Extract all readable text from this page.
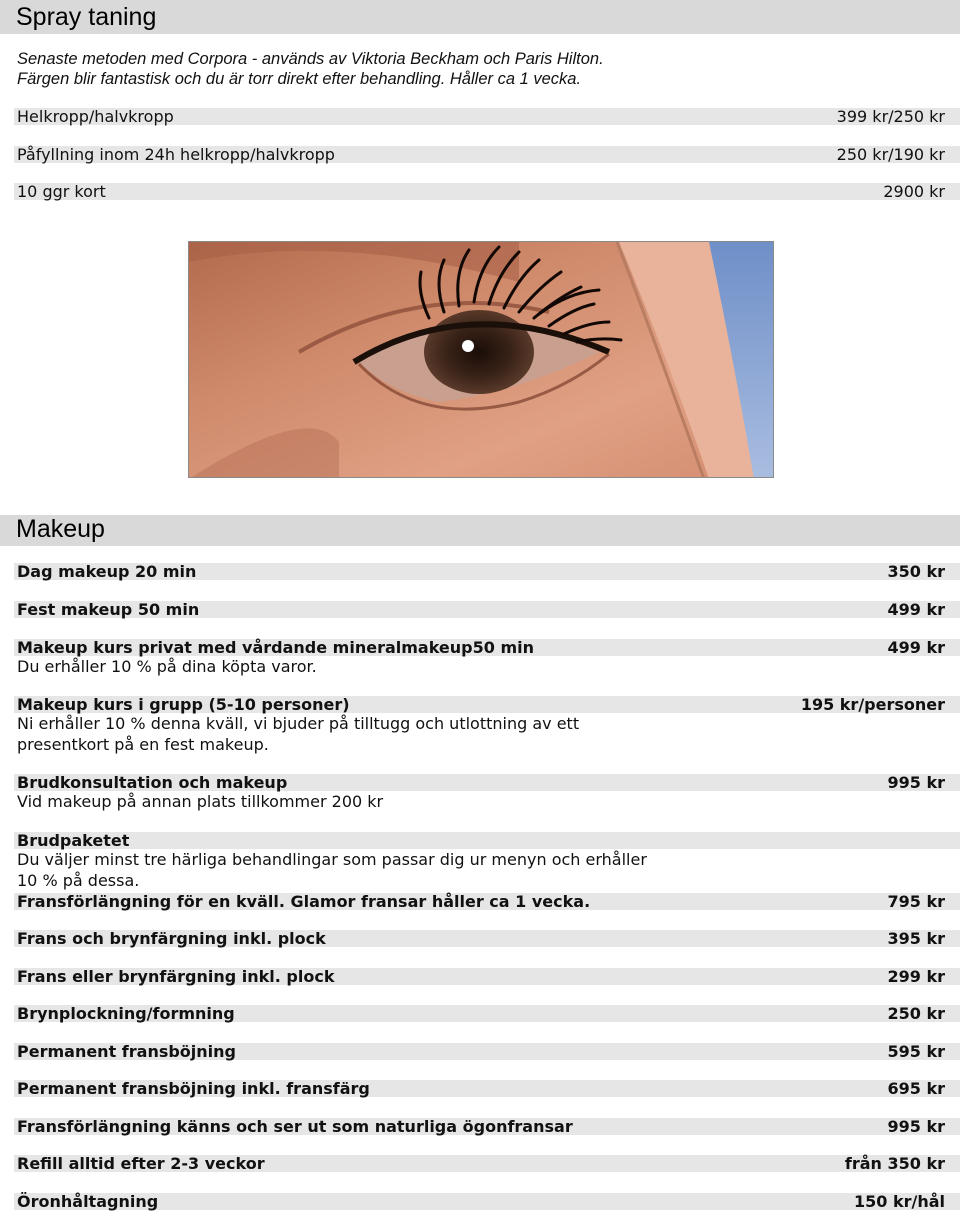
Spray taning
Senaste metoden med Corpora - används av Viktoria Beckham och Paris Hilton.
Färgen blir fantastisk och du är torr direkt efter behandling. Håller ca 1 vecka.
Helkropp/halvkropp	399 kr/250 kr
Påfyllning inom 24h helkropp/halvkropp	250 kr/190 kr
10 ggr kort	2900 kr
Makeup
Dag makeup 20 min	350 kr
Fest makeup 50 min	499 kr
Makeup kurs privat med vårdande mineralmakeup50 min	499 kr
Du erhåller 10 % på dina köpta varor.
Makeup kurs i grupp (5-10 personer)	195 kr/personer
Ni erhåller 10 % denna kväll, vi bjuder på tilltugg och utlottning av ett
presentkort på en fest makeup.
Brudkonsultation och makeup	995 kr
Vid makeup på annan plats tillkommer 200 kr
Brudpaketet
Du väljer minst tre härliga behandlingar som passar dig ur menyn och erhåller
10 % på dessa.
Fransförlängning för en kväll. Glamor fransar håller ca 1 vecka.	795 kr
Frans och brynfärgning inkl. plock	395 kr
Frans eller brynfärgning inkl. plock	299 kr
Brynplockning/formning	250 kr
Permanent fransböjning	595 kr
Permanent fransböjning inkl. fransfärg	695 kr
Fransförlängning känns och ser ut som naturliga ögonfransar	995 kr
Refill alltid efter 2-3 veckor	från 350 kr
Öronhåltagning	150 kr/hål
